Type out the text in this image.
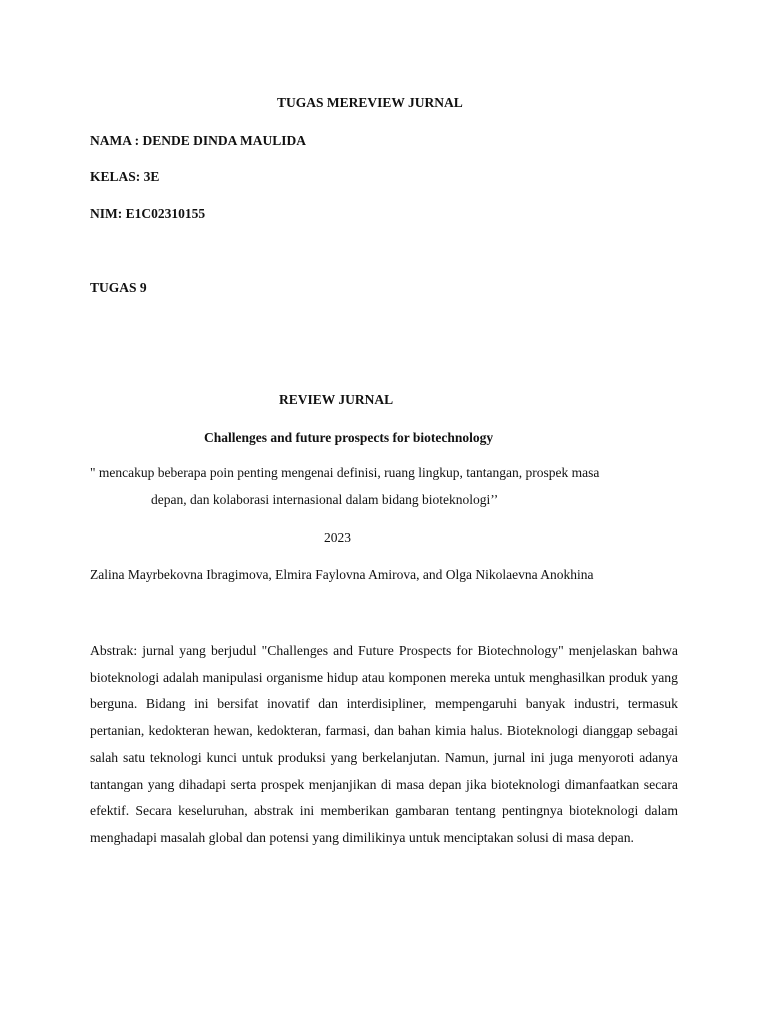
TUGAS MEREVIEW JURNAL
NAMA : DENDE DINDA MAULIDA
KELAS: 3E
NIM: E1C02310155
TUGAS 9
REVIEW JURNAL
Challenges and future prospects for biotechnology
" mencakup beberapa poin penting mengenai definisi, ruang lingkup, tantangan, prospek masa
depan, dan kolaborasi internasional dalam bidang bioteknologi’’
2023
Zalina Mayrbekovna Ibragimova, Elmira Faylovna Amirova, and Olga Nikolaevna Anokhina

Abstrak: jurnal yang berjudul "Challenges and Future Prospects for Biotechnology" menjelaskan bahwa bioteknologi adalah manipulasi organisme hidup atau komponen mereka untuk menghasilkan produk yang berguna. Bidang ini bersifat inovatif dan interdisipliner, mempengaruhi banyak industri, termasuk pertanian, kedokteran hewan, kedokteran, farmasi, dan bahan kimia halus. Bioteknologi dianggap sebagai salah satu teknologi kunci untuk produksi yang berkelanjutan. Namun, jurnal ini juga menyoroti adanya tantangan yang dihadapi serta prospek menjanjikan di masa depan jika bioteknologi dimanfaatkan secara efektif. Secara keseluruhan, abstrak ini memberikan gambaran tentang pentingnya bioteknologi dalam menghadapi masalah global dan potensi yang dimilikinya untuk menciptakan solusi di masa depan.
